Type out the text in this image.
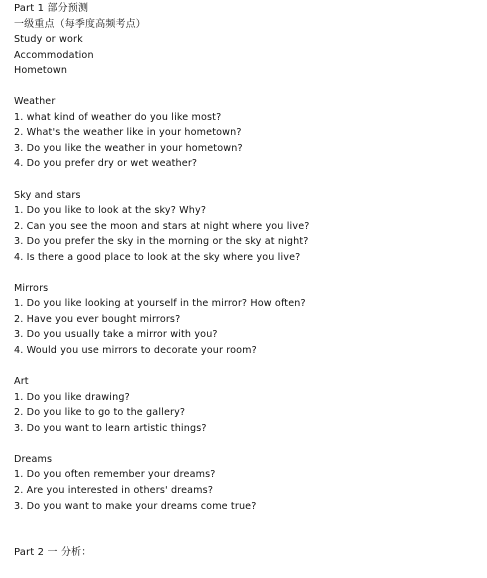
Part 1 部分预测
一级重点（每季度高频考点）
Study or work
Accommodation
Hometown
Weather
1. what kind of weather do you like most?
2. What's the weather like in your hometown?
3. Do you like the weather in your hometown?
4. Do you prefer dry or wet weather?
Sky and stars
1. Do you like to look at the sky? Why?
2. Can you see the moon and stars at night where you live?
3. Do you prefer the sky in the morning or the sky at night?
4. Is there a good place to look at the sky where you live?
Mirrors
1. Do you like looking at yourself in the mirror? How often?
2. Have you ever bought mirrors?
3. Do you usually take a mirror with you?
4. Would you use mirrors to decorate your room?
Art
1. Do you like drawing?
2. Do you like to go to the gallery?
3. Do you want to learn artistic things?
Dreams
1. Do you often remember your dreams?
2. Are you interested in others' dreams?
3. Do you want to make your dreams come true?
Part 2 一 分析：
